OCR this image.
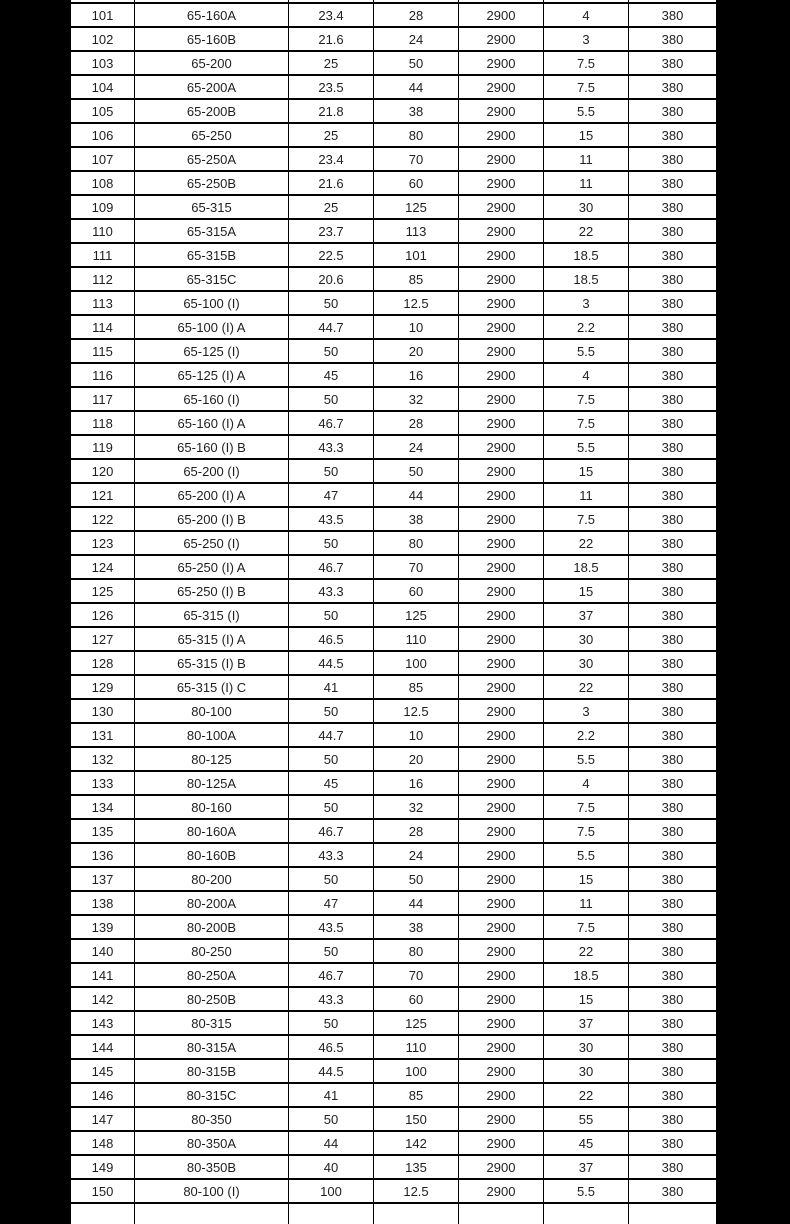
101	65-160A	23.4	28	2900	4	380
102	65-160B	21.6	24	2900	3	380
103	65-200	25	50	2900	7.5	380
104	65-200A	23.5	44	2900	7.5	380
105	65-200B	21.8	38	2900	5.5	380
106	65-250	25	80	2900	15	380
107	65-250A	23.4	70	2900	11	380
108	65-250B	21.6	60	2900	11	380
109	65-315	25	125	2900	30	380
110	65-315A	23.7	113	2900	22	380
111	65-315B	22.5	101	2900	18.5	380
112	65-315C	20.6	85	2900	18.5	380
113	65-100 (I)	50	12.5	2900	3	380
114	65-100 (I) A	44.7	10	2900	2.2	380
115	65-125 (I)	50	20	2900	5.5	380
116	65-125 (I) A	45	16	2900	4	380
117	65-160 (I)	50	32	2900	7.5	380
118	65-160 (I) A	46.7	28	2900	7.5	380
119	65-160 (I) B	43.3	24	2900	5.5	380
120	65-200 (I)	50	50	2900	15	380
121	65-200 (I) A	47	44	2900	11	380
122	65-200 (I) B	43.5	38	2900	7.5	380
123	65-250 (I)	50	80	2900	22	380
124	65-250 (I) A	46.7	70	2900	18.5	380
125	65-250 (I) B	43.3	60	2900	15	380
126	65-315 (I)	50	125	2900	37	380
127	65-315 (I) A	46.5	110	2900	30	380
128	65-315 (I) B	44.5	100	2900	30	380
129	65-315 (I) C	41	85	2900	22	380
130	80-100	50	12.5	2900	3	380
131	80-100A	44.7	10	2900	2.2	380
132	80-125	50	20	2900	5.5	380
133	80-125A	45	16	2900	4	380
134	80-160	50	32	2900	7.5	380
135	80-160A	46.7	28	2900	7.5	380
136	80-160B	43.3	24	2900	5.5	380
137	80-200	50	50	2900	15	380
138	80-200A	47	44	2900	11	380
139	80-200B	43.5	38	2900	7.5	380
140	80-250	50	80	2900	22	380
141	80-250A	46.7	70	2900	18.5	380
142	80-250B	43.3	60	2900	15	380
143	80-315	50	125	2900	37	380
144	80-315A	46.5	110	2900	30	380
145	80-315B	44.5	100	2900	30	380
146	80-315C	41	85	2900	22	380
147	80-350	50	150	2900	55	380
148	80-350A	44	142	2900	45	380
149	80-350B	40	135	2900	37	380
150	80-100 (I)	100	12.5	2900	5.5	380
